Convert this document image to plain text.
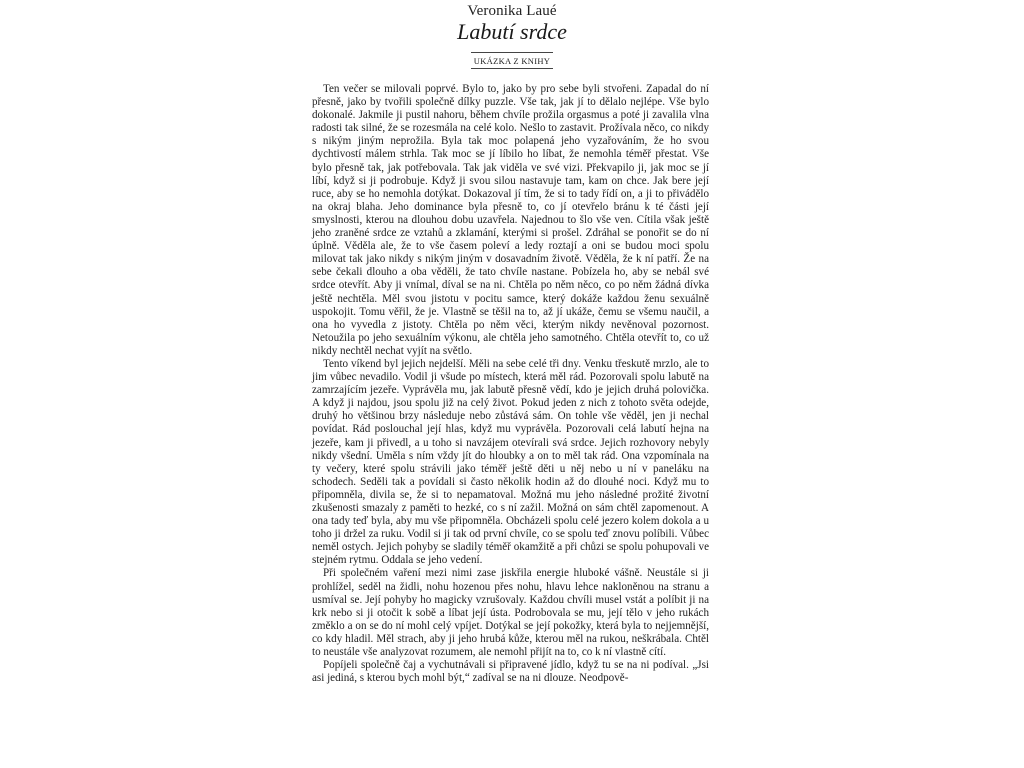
Veronika Laué
Labutí srdce
UKÁZKA Z KNIHY

Ten večer se milovali poprvé. Bylo to, jako by pro sebe byli stvořeni. Zapadal do ní přesně, jako by tvořili společně dílky puzzle. Vše tak, jak jí to dělalo nejlépe. Vše bylo dokonalé. Jakmile ji pustil nahoru, během chvíle prožila orgasmus a poté ji zavalila vlna radosti tak silné, že se rozesmála na celé kolo. Nešlo to zastavit. Prožívala něco, co nikdy s nikým jiným neprožila. Byla tak moc polapená jeho vyzařováním, že ho svou dychtivostí málem strhla. Tak moc se jí líbilo ho líbat, že nemohla téměř přestat. Vše bylo přesně tak, jak potřebovala. Tak jak viděla ve své vizi. Překvapilo ji, jak moc se jí líbí, když si ji podrobuje. Když ji svou silou nastavuje tam, kam on chce. Jak bere její ruce, aby se ho nemohla dotýkat. Dokazoval jí tím, že si to tady řídí on, a ji to přivádělo na okraj blaha. Jeho dominance byla přesně to, co jí otevřelo bránu k té části její smyslnosti, kterou na dlouhou dobu uzavřela. Najednou to šlo vše ven. Cítila však ještě jeho zraněné srdce ze vztahů a zklamání, kterými si prošel. Zdráhal se ponořit se do ní úplně. Věděla ale, že to vše časem poleví a ledy roztají a oni se budou moci spolu milovat tak jako nikdy s nikým jiným v dosavadním životě. Věděla, že k ní patří. Že na sebe čekali dlouho a oba věděli, že tato chvíle nastane. Pobízela ho, aby se nebál své srdce otevřít. Aby ji vnímal, díval se na ni. Chtěla po něm něco, co po něm žádná dívka ještě nechtěla. Měl svou jistotu v pocitu samce, který dokáže každou ženu sexuálně uspokojit. Tomu věřil, že je. Vlastně se těšil na to, až jí ukáže, čemu se všemu naučil, a ona ho vyvedla z jistoty. Chtěla po něm věci, kterým nikdy nevěnoval pozornost. Netoužila po jeho sexuálním výkonu, ale chtěla jeho samotného. Chtěla otevřít to, co už nikdy nechtěl nechat vyjít na světlo.

Tento víkend byl jejich nejdelší. Měli na sebe celé tři dny. Venku třeskutě mrzlo, ale to jim vůbec nevadilo. Vodil ji všude po místech, která měl rád. Pozorovali spolu labutě na zamrzajícím jezeře. Vyprávěla mu, jak labutě přesně vědí, kdo je jejich druhá polovička. A když ji najdou, jsou spolu již na celý život. Pokud jeden z nich z tohoto světa odejde, druhý ho většinou brzy následuje nebo zůstává sám. On tohle vše věděl, jen ji nechal povídat. Rád poslouchal její hlas, když mu vyprávěla. Pozorovali celá labutí hejna na jezeře, kam ji přivedl, a u toho si navzájem otevírali svá srdce. Jejich rozhovory nebyly nikdy všední. Uměla s ním vždy jít do hloubky a on to měl tak rád. Ona vzpomínala na ty večery, které spolu strávili jako téměř ještě děti u něj nebo u ní v paneláku na schodech. Seděli tak a povídali si často několik hodin až do dlouhé noci. Když mu to připomněla, divila se, že si to nepamatoval. Možná mu jeho následné prožité životní zkušenosti smazaly z paměti to hezké, co s ní zažil. Možná on sám chtěl zapomenout. A ona tady teď byla, aby mu vše připomněla. Obcházeli spolu celé jezero kolem dokola a u toho ji držel za ruku. Vodil si ji tak od první chvíle, co se spolu teď znovu políbili. Vůbec neměl ostych. Jejich pohyby se sladily téměř okamžitě a při chůzi se spolu pohupovali ve stejném rytmu. Oddala se jeho vedení.

Při společném vaření mezi nimi zase jiskřila energie hluboké vášně. Neustále si ji prohlížel, seděl na židli, nohu hozenou přes nohu, hlavu lehce nakloněnou na stranu a usmíval se. Její pohyby ho magicky vzrušovaly. Každou chvíli musel vstát a políbit ji na krk nebo si ji otočit k sobě a líbat její ústa. Podrobovala se mu, její tělo v jeho rukách změklo a on se do ní mohl celý vpíjet. Dotýkal se její pokožky, která byla to nejjemnější, co kdy hladil. Měl strach, aby ji jeho hrubá kůže, kterou měl na rukou, neškrábala. Chtěl to neustále vše analyzovat rozumem, ale nemohl přijít na to, co k ní vlastně cítí.

Popíjeli společně čaj a vychutnávali si připravené jídlo, když tu se na ni podíval. „Jsi asi jediná, s kterou bych mohl být,“ zadíval se na ni dlouze. Neodpově-
